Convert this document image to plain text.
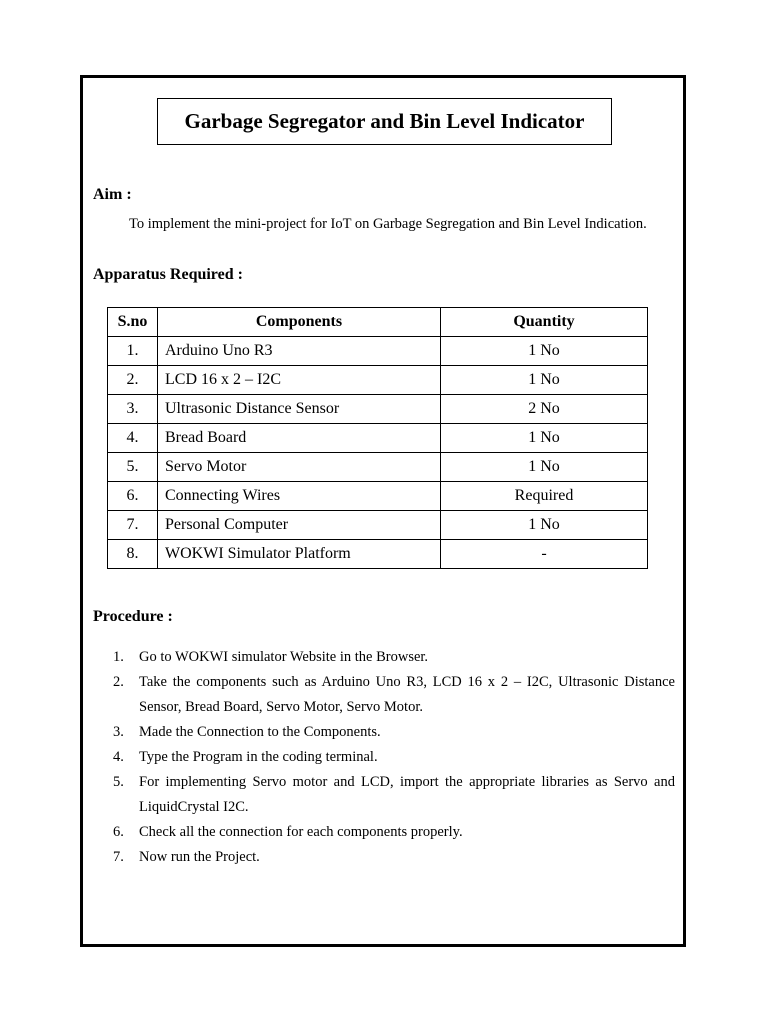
Garbage Segregator and Bin Level Indicator
Aim :

To implement the mini-project for IoT on Garbage Segregation and Bin Level Indication.

Apparatus Required :
S.no	Components	Quantity
1.	Arduino Uno R3	1 No
2.	LCD 16 x 2 – I2C	1 No
3.	Ultrasonic Distance Sensor	2 No
4.	Bread Board	1 No
5.	Servo Motor	1 No
6.	Connecting Wires	Required
7.	Personal Computer	1 No
8.	WOKWI Simulator Platform	-
Procedure :
1. Go to WOKWI simulator Website in the Browser.
2. Take the components such as Arduino Uno R3, LCD 16 x 2 – I2C, Ultrasonic Distance Sensor, Bread Board, Servo Motor, Servo Motor.
3. Made the Connection to the Components.
4. Type the Program in the coding terminal.
5. For implementing Servo motor and LCD, import the appropriate libraries as Servo and LiquidCrystal I2C.
6. Check all the connection for each components properly.
7. Now run the Project.
